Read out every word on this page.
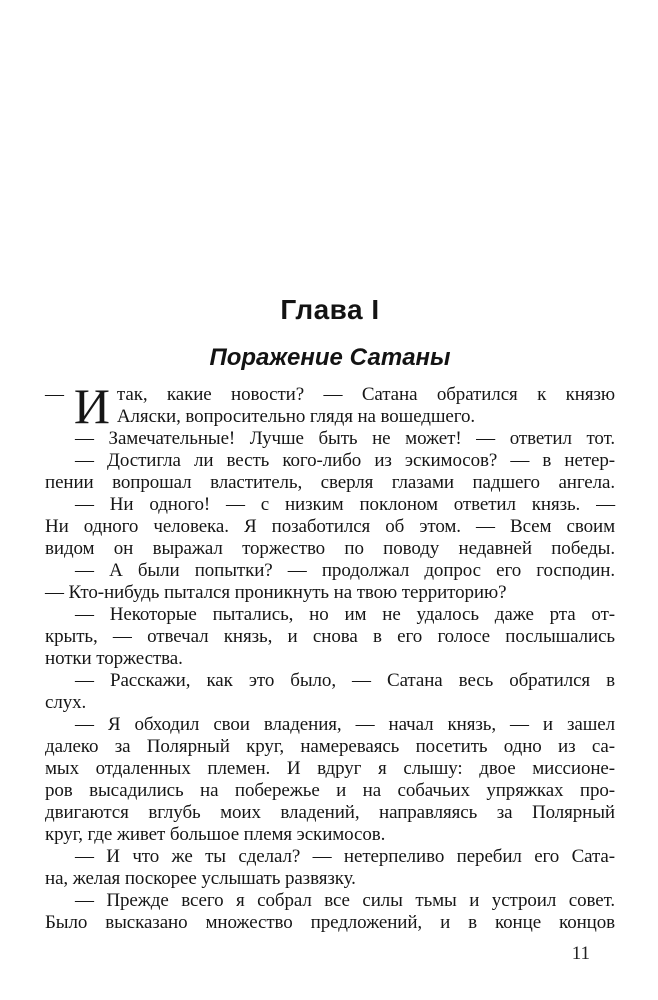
Глава I
Поражение Сатаны
— И так, какие новости? — Сатана обратился к князю
Аляски, вопросительно глядя на вошедшего.
— Замечательные! Лучше быть не может! — ответил тот.
— Достигла ли весть кого-либо из эскимосов? — в нетер-
пении вопрошал властитель, сверля глазами падшего ангела.
— Ни одного! — с низким поклоном ответил князь. —
Ни одного человека. Я позаботился об этом. — Всем своим
видом он выражал торжество по поводу недавней победы.
— А были попытки? — продолжал допрос его господин.
— Кто-нибудь пытался проникнуть на твою территорию?
— Некоторые пытались, но им не удалось даже рта от-
крыть, — отвечал князь, и снова в его голосе послышались
нотки торжества.
— Расскажи, как это было, — Сатана весь обратился в
слух.
— Я обходил свои владения, — начал князь, — и зашел
далеко за Полярный круг, намереваясь посетить одно из са-
мых отдаленных племен. И вдруг я слышу: двое миссионе-
ров высадились на побережье и на собачьих упряжках про-
двигаются вглубь моих владений, направляясь за Полярный
круг, где живет большое племя эскимосов.
— И что же ты сделал? — нетерпеливо перебил его Сата-
на, желая поскорее услышать развязку.
— Прежде всего я собрал все силы тьмы и устроил совет.
Было высказано множество предложений, и в конце концов
11
